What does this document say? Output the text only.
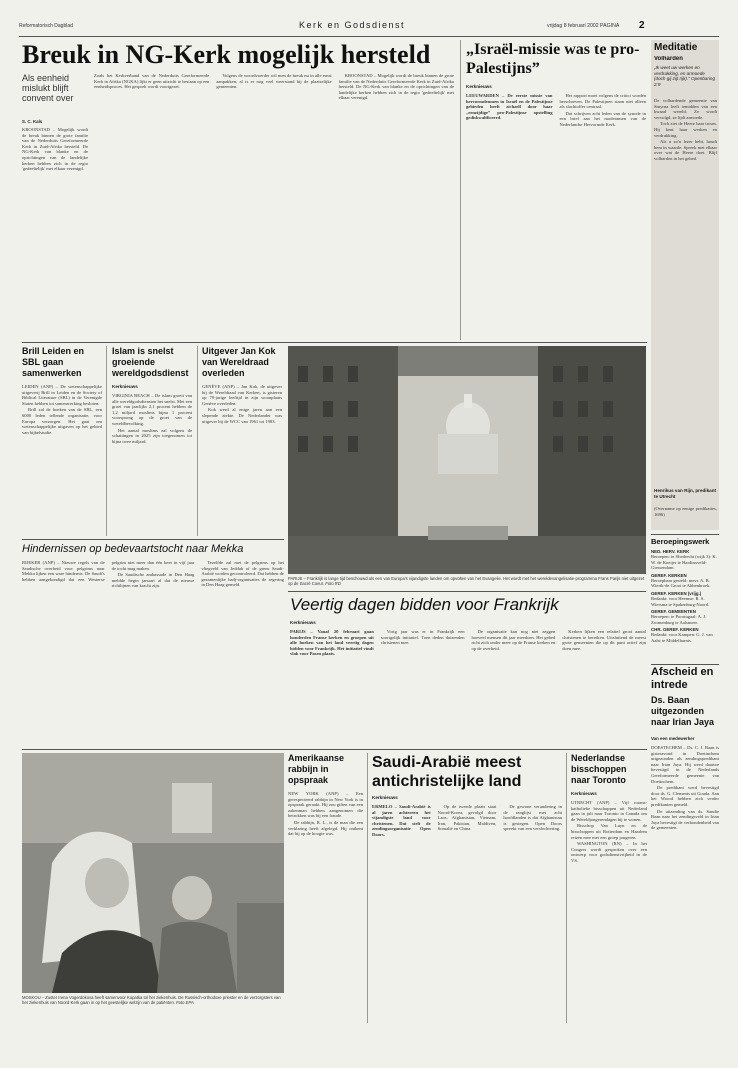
Reformatorisch Dagblad	Kerk en Godsdienst	vrijdag 8 februari 2002 PAGINA 2
Breuk in NG-Kerk mogelijk hersteld
Als eenheid mislukt blijft convent over
S. C. Kals

KROONSTAD – Mogelijk wordt de breuk binnen de grote familie van de Nederduits Gereformeerde Kerk in Zuid-Afrika hersteld. De NG-Kerk van blanke en de oprichtingen van de landelijke kerken hebben zich in de regio 'gedeeltelijk' met elkaar verenigd.

Zoals het Kerkverband van de Nederduits Gereformeerde Kerk in Afrika (NGKA) lijkt er geen uitzicht te bestaan op een eenheidsproces. Het gesprek wordt voortgezet.

Volgens de woordvoerder wil men de breuk nu in alle ernst aanpakken, al is er nog veel weerstand bij de plaatselijke gemeenten.

KROONSTAD – Mogelijk wordt de breuk binnen de grote familie van de Nederduits Gereformeerde Kerk in Zuid-Afrika hersteld. De NG-Kerk van blanke en de oprichtingen van de landelijke kerken hebben zich in de regio 'gedeeltelijk' met elkaar verenigd.

„Israël-missie was te pro-Palestijns”
Kerknieuws

LEEUWARDEN – De eerste missie van hervormdenmen in Israël en de Palestijnse gebieden heeft zichzelf door haar „eenzijdige” pro-Palestijnse opstelling gediskwalificeerd.

Het rapport moet volgens de critici worden herschreven. De Palestijnen staan niet alleen als slachtoffer centraal.

Dat schrijven acht leden van de synode in een brief aan het moderamen van de Nederlandse Hervormde Kerk.

Meditatie
Volharden
„Ik weet uw werken en verdrukking, en armoede (doch gij zijt rijk).” Openbaring 2:9

De volhardende gemeente van Smyrna leeft temidden van een kwaad wereld. Ze wordt vervolgd, ze lijdt armoede.

Toch ziet de Heere haar trouw. Hij kent haar werken en verdrukking.

Als u zo'n lezer hebt, houdt hem in waarde. Spreek met elkaar over wat de Heere doet. Blijf volharden in het gebed.

Henrikus van Rijn, predikant te Utrecht
(Overname op eenige predikaties, 1696)
Beroepingswerk
NED. HERV. KERK
Beroepen: te Sliedrecht (wijk 3): K. W. de Koeijer te Hardinxveld-Giessendam.
GEREF. KERKEN
Beroepbaar gesteld: mevr. A. B. Wierik-de Groot te Abbenbroek.
GEREF. KERKEN (vrijg.)
Bedankt: voor Heemse: R. S. Wiersma te Spakenburg-Noord.
GEREF. GEMEENTEN
Beroepen: te Poortugaal: A. J. Zwanenburg te Aalsmeer.
CHR. GEREF. KERKEN
Bedankt: voor Kampen: G. J. van Aalst te Middelharnis.
Afscheid en intrede
Ds. Baan uitgezonden naar Irian Jaya
Van een medewerker

DOESTECHEM – Ds. C. J. Baan is gisteravond in Doetinchem uitgezonden als zendingspredikant naar Irian Jaya. Hij werd daartoe bevestigd in de Nederlands Gereformeerde gemeente van Doetinchem.

De predikant werd bevestigd door ds. G. Clements uit Gouda. Aan het Woord hebben zich verder predikanten gemeld.

De uitzending van ds. Sandie Baan naar het zendingsveld in Irian Jaya bevestigt de verbondenheid van de gemeenten.

Brill Leiden en SBL gaan samenwerken

LEIDEN (ANP) – De wetenschappelijke uitgeverij Brill in Leiden en de Society of Biblical Literature (SBL) in de Verenigde Staten hebben tot samenwerking besloten.

Brill zal de boeken van de SBL, een 6000 leden tellende organisatie, voor Europa verzorgen. Het gaat om wetenschappelijke uitgaven op het gebied van bijbelstudie.

Islam is snelst groeiende wereldgodsdienst
Kerknieuws

VIRGINIA BEACH – De islam groeit van alle wereldgodsdiensten het snelst. Met een groei van jaarlijks 2,1 procent hebben de 1,2 miljard moslims bijna 1 procent voorsprong op de groei van de wereldbevolking.

Het aantal moslims zal volgens de schattingen in 2025 zijn toegenomen tot bijna twee miljard.

Uitgever Jan Kok van Wereldraad overleden

GENÈVE (ANP) – Jan Kok, de uitgever bij de Wereldraad van Kerken, is gisteren op 79-jarige leeftijd in zijn woonplaats Genève overleden.

Kok werd al enige jaren aan een slepende ziekte. De Nederlander was uitgever bij de WCC van 1961 tot 1983.

PARIJS – Frankrijk is lange tijd beschouwd als een van Europa's vijandigste landen om opvolten van het Evangelie. Het wordt met het wereldevangelisatie-programma Frans Parijs niet uitgezet op de Sacré Coeur. Foto RD
Hindernissen op bedevaartstocht naar Mekka

RIJEKER (ANP) – Nieuwe regels van de Saudische overheid voor pelgrims naar Mekka lijken een ware hindernis. De Saudi's hebben aangekondigd dat een Westerse pelgrim niet meer dan één keer in vijf jaar de tocht mag maken.

De Saudische ambassade in Den Haag meldde begin januari al dat de nieuwe richtlijnen van kracht zijn.

Tezelfde zal met de pelgrims op het vliegveld van Jeddah of de grens Saudi-Arabië worden gecontroleerd. Dat hebben de gezamenlijke hadj-organisaties de regering in Den Haag gemeld.

Veertig dagen bidden voor Frankrijk
Kerknieuws

PARIJS – Vanaf 20 februari gaan honderden Franse kerken en groepen uit alle hoeken van het land veertig dagen bidden voor Frankrijk. Het initiatief vindt vlak voor Pasen plaats.

Vorig jaar was er in Frankrijk een soortgelijk initiatief. Toen deden duizenden christenen mee.

De organisatie kan nog niet zeggen hoeveel mensen dit jaar meedoen. Het gebed richt zich onder meer op de Franse kerken en op de overheid.

Kerken lijken een relatief groot aantal christenen te bereiken. Uitsluitend de meest grote gemeenten die op dit punt actief zijn doen mee.

MOSKOU – Zuster Irena Vogerdokova heeft samenvoor Kopatka tol het ziekenhuis. De Russisch-orthodoxe priester en de verzorgsters van het ziekenhuis van Noord-Kerk gaan in op het geestelijke welzijn van de patiënten. Foto EPA
Amerikaanse rabbijn in opspraak

NEW YORK (ANP) – Een gerespecteerd rabbijn in New York is in opspraak geraakt. Hij zou giften van een zakenman hebben aangenomen die betrokken was bij een fraude.

De rabbijn, R. L., is de man die een verklaring heeft afgelegd. Hij ontkent dat hij op de hoogte was.

Saudi-Arabië meest antichristelijke land
Kerknieuws

ERMELO – Saudi-Arabië is al jaren achtereen het vijandigste land voor christenen. Dat stelt de zendingsorganisatie Open Doors.

Op de tweede plaats staat Noord-Korea, gevolgd door Laos, Afghanistan, Vietnam, Iran, Pakistan, Maldiven, Somalië en China.

De gewone verandering in de ranglijst met acht hoofdlanden is dat Afghanistan is gestegen. Open Doors spreekt van een verslechtering.

Nederlandse bisschoppen naar Toronto
Kerknieuws

UTRECHT (ANP) – Vijf rooms-katholieke bisschoppen uit Nederland gaan in juli naar Toronto in Canada om de Wereldjongerendagen bij te wonen.

Bisschop Van Luyn en de bisschoppen uit Rotterdam en Haarlem reizen mee met een groep jongeren.

WASHINGTON (RN) – In het Congres wordt gesproken over een ontwerp voor godsdienstvrijheid in de VS.
